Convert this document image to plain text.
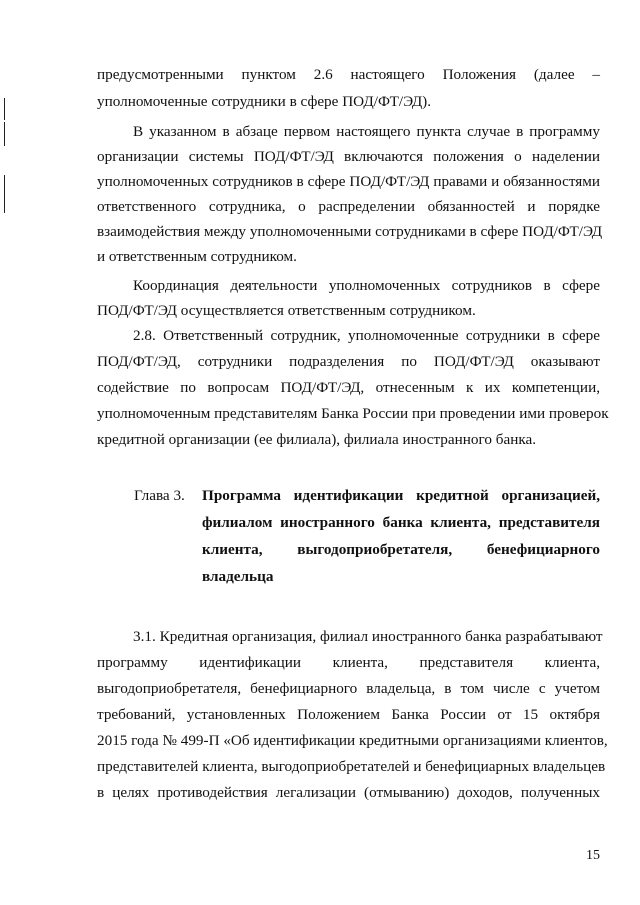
предусмотренными пунктом 2.6 настоящего Положения (далее –
уполномоченные сотрудники в сфере ПОД/ФТ/ЭД).
В указанном в абзаце первом настоящего пункта случае в программу
организации системы ПОД/ФТ/ЭД включаются положения о наделении
уполномоченных сотрудников в сфере ПОД/ФТ/ЭД правами и обязанностями
ответственного сотрудника, о распределении обязанностей и порядке
взаимодействия между уполномоченными сотрудниками в сфере ПОД/ФТ/ЭД
и ответственным сотрудником.
Координация деятельности уполномоченных сотрудников в сфере
ПОД/ФТ/ЭД осуществляется ответственным сотрудником.
2.8. Ответственный сотрудник, уполномоченные сотрудники в сфере
ПОД/ФТ/ЭД, сотрудники подразделения по ПОД/ФТ/ЭД оказывают
содействие по вопросам ПОД/ФТ/ЭД, отнесенным к их компетенции,
уполномоченным представителям Банка России при проведении ими проверок
кредитной организации (ее филиала), филиала иностранного банка.
Глава 3. Программа идентификации кредитной организацией,
филиалом иностранного банка клиента, представителя
клиента, выгодоприобретателя, бенефициарного
владельца
3.1. Кредитная организация, филиал иностранного банка разрабатывают
программу идентификации клиента, представителя клиента,
выгодоприобретателя, бенефициарного владельца, в том числе с учетом
требований, установленных Положением Банка России от 15 октября
2015 года № 499-П «Об идентификации кредитными организациями клиентов,
представителей клиента, выгодоприобретателей и бенефициарных владельцев
в целях противодействия легализации (отмыванию) доходов, полученных
15
